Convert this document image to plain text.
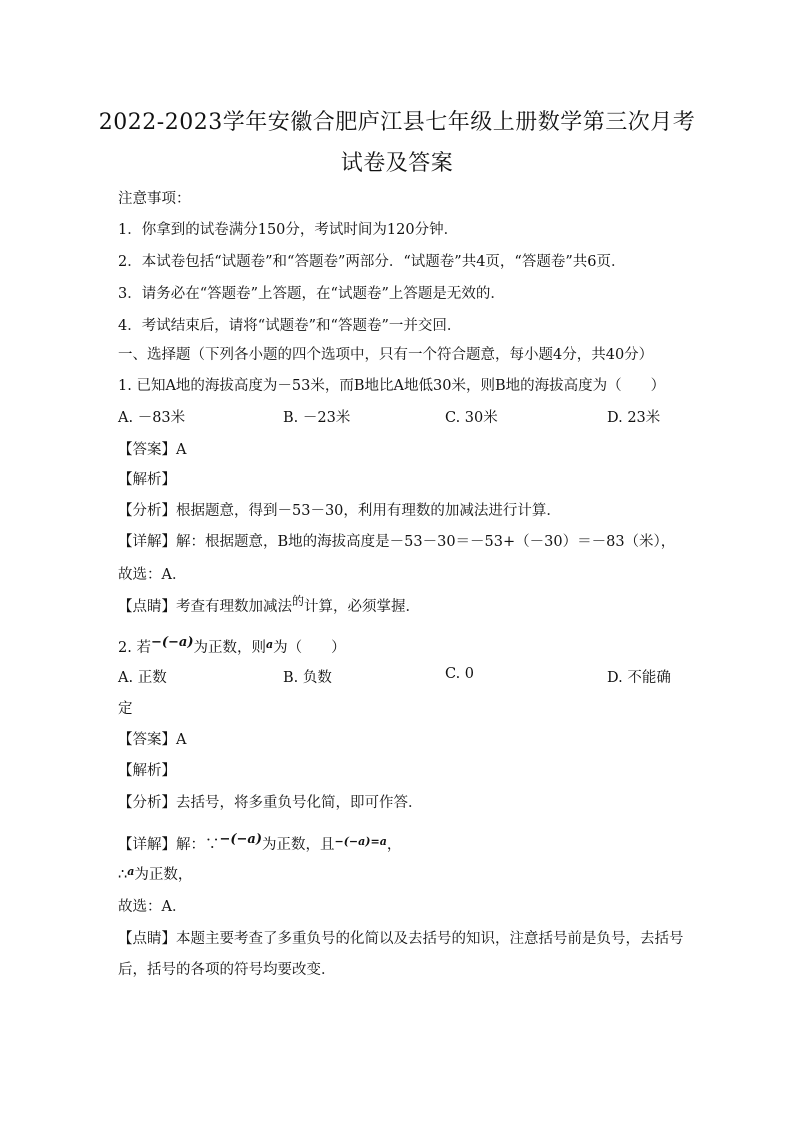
2022-2023学年安徽合肥庐江县七年级上册数学第三次月考
试卷及答案
注意事项：
1．你拿到的试卷满分150分，考试时间为120分钟．
2．本试卷包括“试题卷”和“答题卷”两部分．“试题卷”共4页，“答题卷”共6页．
3．请务必在“答题卷”上答题，在“试题卷”上答题是无效的．
4．考试结束后，请将“试题卷”和“答题卷”一并交回．
一、选择题（下列各小题的四个选项中，只有一个符合题意，每小题4分，共40分）
1. 已知A地的海拔高度为－53米，而B地比A地低30米，则B地的海拔高度为（　　）
A. －83米	B. －23米	C. 30米	D. 23米
【答案】A
【解析】
【分析】根据题意，得到－53－30，利用有理数的加减法进行计算．
【详解】解：根据题意，B地的海拔高度是－53－30＝－53+（－30）＝－83（米），
故选：A．
【点睛】考查有理数加减法$^的$计算，必须掌握．
2. 若−(−a)为正数，则$^a$为（　　）
A. 正数	B. 负数	C. 0	D. 不能确
定
【答案】A
【解析】
【分析】去括号，将多重负号化简，即可作答．
【详解】解：∵−(−a)为正数，且$^{-(-a)=a}$，
∴$^a$为正数，
故选：A．
【点睛】本题主要考查了多重负号的化简以及去括号的知识，注意括号前是负号，去括号
后，括号的各项的符号均要改变．
